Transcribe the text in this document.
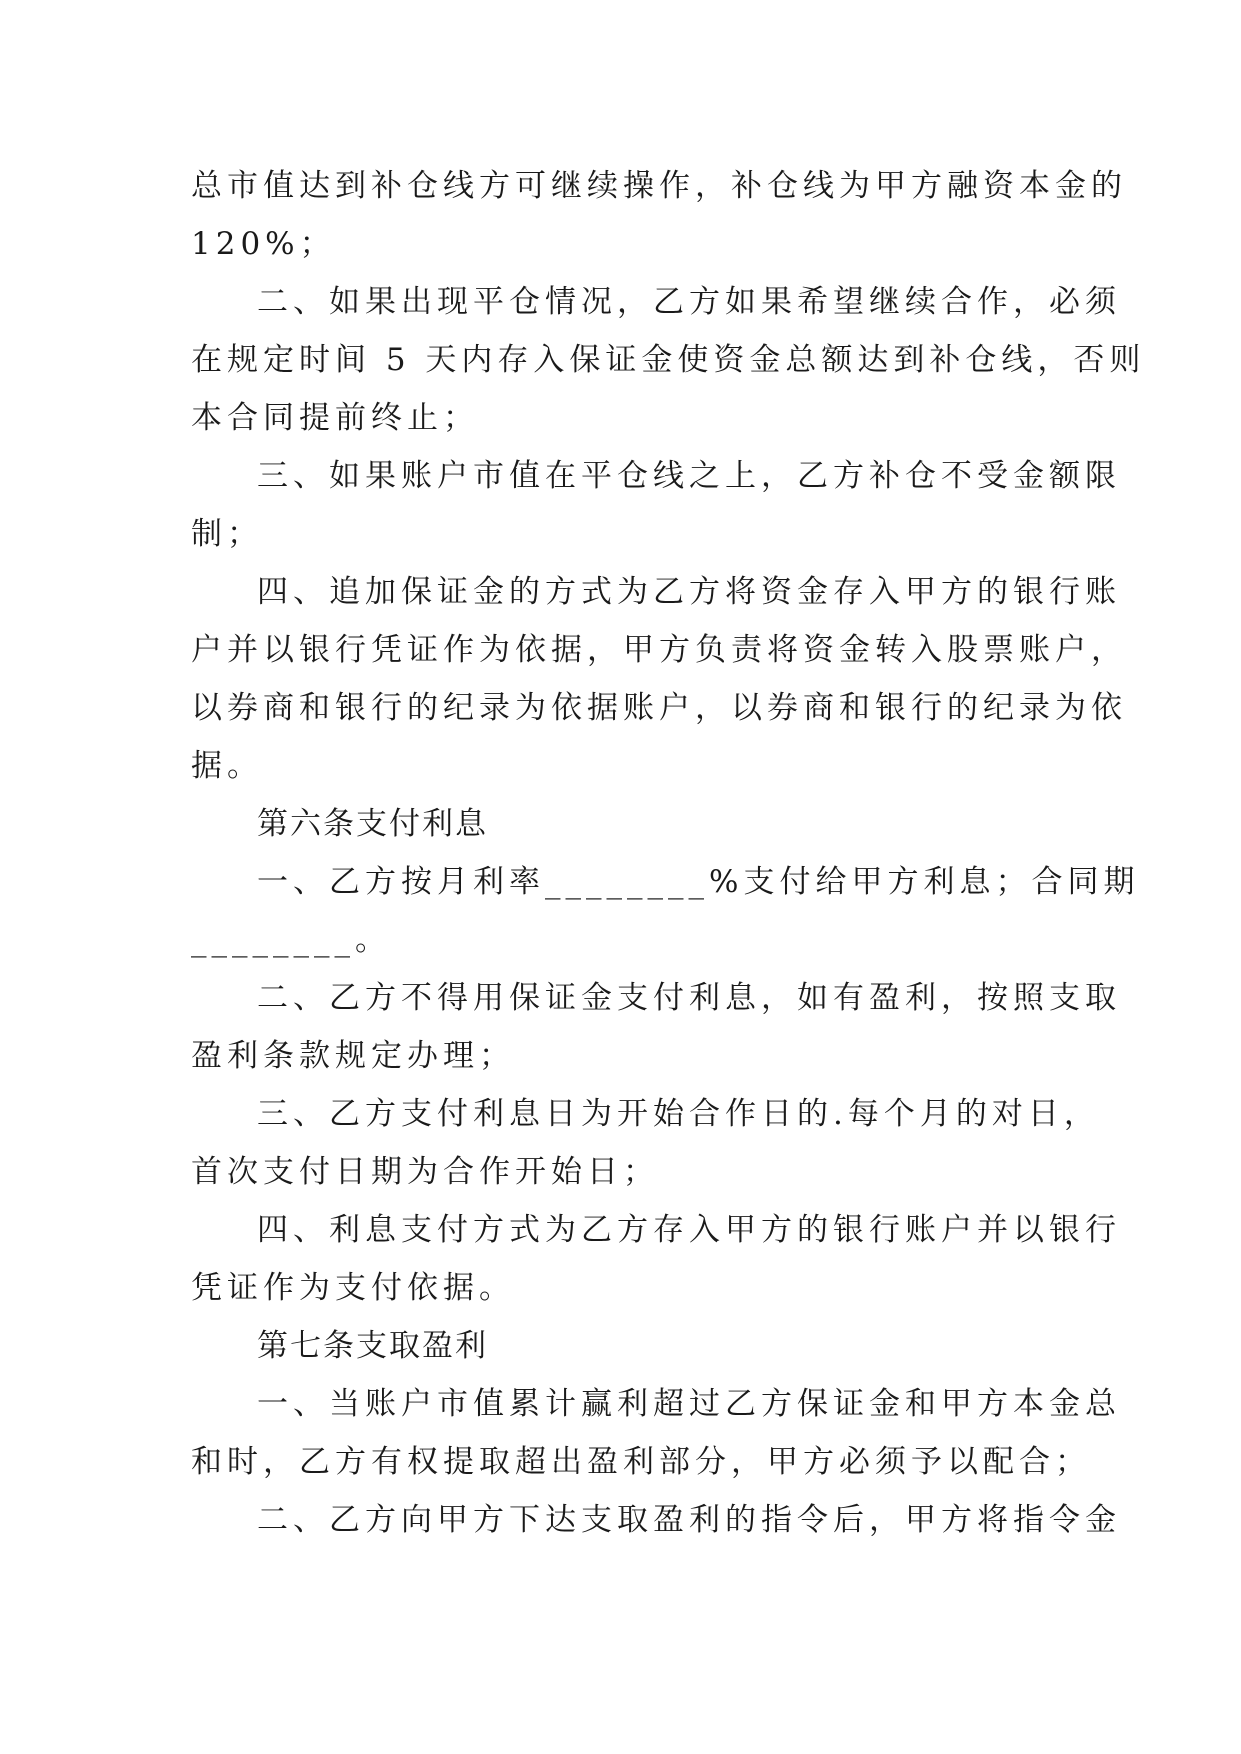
总市值达到补仓线方可继续操作，补仓线为甲方融资本金的
120%；
二、如果出现平仓情况，乙方如果希望继续合作，必须
在规定时间 5 天内存入保证金使资金总额达到补仓线，否则
本合同提前终止；
三、如果账户市值在平仓线之上，乙方补仓不受金额限
制；
四、追加保证金的方式为乙方将资金存入甲方的银行账
户并以银行凭证作为依据，甲方负责将资金转入股票账户，
以券商和银行的纪录为依据账户，以券商和银行的纪录为依
据。
第六条支付利息
一、乙方按月利率________%支付给甲方利息；合同期
________。
二、乙方不得用保证金支付利息，如有盈利，按照支取
盈利条款规定办理；
三、乙方支付利息日为开始合作日的.每个月的对日，
首次支付日期为合作开始日；
四、利息支付方式为乙方存入甲方的银行账户并以银行
凭证作为支付依据。
第七条支取盈利
一、当账户市值累计赢利超过乙方保证金和甲方本金总
和时，乙方有权提取超出盈利部分，甲方必须予以配合；
二、乙方向甲方下达支取盈利的指令后，甲方将指令金
